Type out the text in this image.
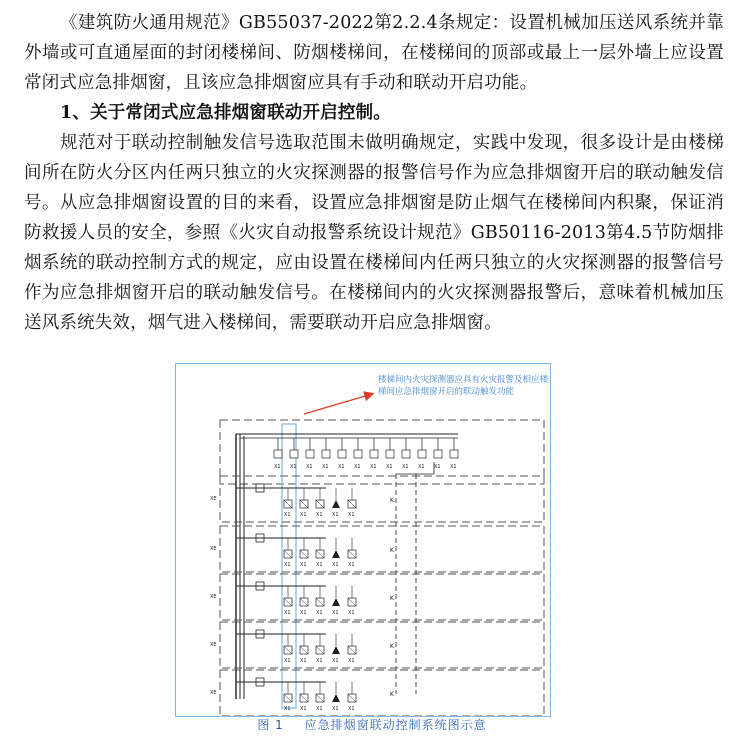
《建筑防火通用规范》GB55037-2022第2.2.4条规定：设置机械加压送风系统并靠外墙或可直通屋面的封闭楼梯间、防烟楼梯间，在楼梯间的顶部或最上一层外墙上应设置常闭式应急排烟窗，且该应急排烟窗应具有手动和联动开启功能。

1、关于常闭式应急排烟窗联动开启控制。

规范对于联动控制触发信号选取范围未做明确规定，实践中发现，很多设计是由楼梯间所在防火分区内任两只独立的火灾探测器的报警信号作为应急排烟窗开启的联动触发信号。从应急排烟窗设置的目的来看，设置应急排烟窗是防止烟气在楼梯间内积聚，保证消防救援人员的安全，参照《火灾自动报警系统设计规范》GB50116-2013第4.5节防烟排烟系统的联动控制方式的规定，应由设置在楼梯间内任两只独立的火灾探测器的报警信号作为应急排烟窗开启的联动触发信号。在楼梯间内的火灾探测器报警后，意味着机械加压送风系统失效，烟气进入楼梯间，需要联动开启应急排烟窗。

XE
X1 X1 X1 X1 X1
K
XE
X1 X1 X1 X1 X1
K
XE
X1 X1 X1 X1 X1
K
XE
X1 X1 X1 X1 X1
K
XE
X1 X1 X1 X1 X1
K
X1 X1 X1 X1 X1 X1 X1 X1 X1 X1 X1 X1
楼梯间内火灾探测器应具有火灾报警及相应楼梯间应急排烟窗开启的联动触发功能
图 1 应急排烟窗联动控制系统图示意
